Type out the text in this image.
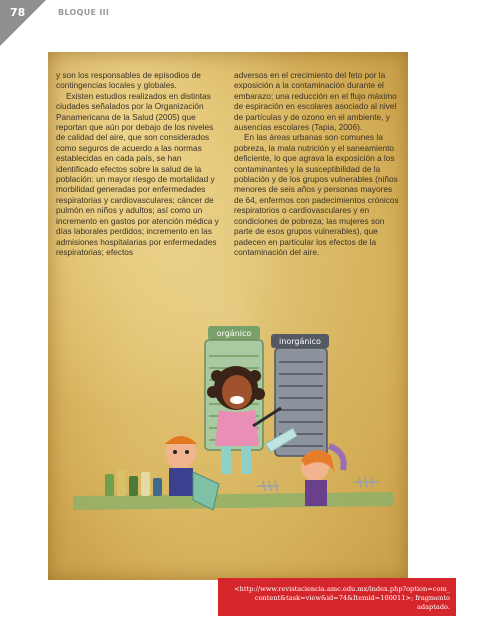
78	BLOQUE III

y son los responsables de episodios de contingencias locales y globales.

Existen estudios realizados en distintas ciudades señalados por la Organización Panamericana de la Salud (2005) que reportan que aún por debajo de los niveles de calidad del aire, que son considerados como seguros de acuerdo a las normas establecidas en cada país, se han identificado efectos sobre la salud de la población: un mayor riesgo de mortalidad y morbilidad generadas por enfermedades respiratorias y cardiovasculares; cáncer de pulmón en niños y adultos; así como un incremento en gastos por atención médica y días laborales perdidos; incremento en las admisiones hospitalarias por enfermedades respiratorias; efectos

adversos en el crecimiento del feto por la exposición a la contaminación durante el embarazo; una reducción en el flujo máximo de espiración en escolares asociado al nivel de partículas y de ozono en el ambiente, y ausencias escolares (Tapia, 2006).

En las áreas urbanas son comunes la pobreza, la mala nutrición y el saneamiento deficiente, lo que agrava la exposición a los contaminantes y la susceptibilidad de la población y de los grupos vulnerables (niños menores de seis años y personas mayores de 64, enfermos con padecimientos crónicos respiratorios o cardiovasculares y en condiciones de pobreza; las mujeres son parte de esos grupos vulnerables), que padecen en particular los efectos de la contaminación del aire.

orgánico
inorgánico
<http://www.revistaciencia.amc.edu.mx/index.php?option=com_
content&task=view&id=74&Itemid=100011>; fragmento adaptado.
